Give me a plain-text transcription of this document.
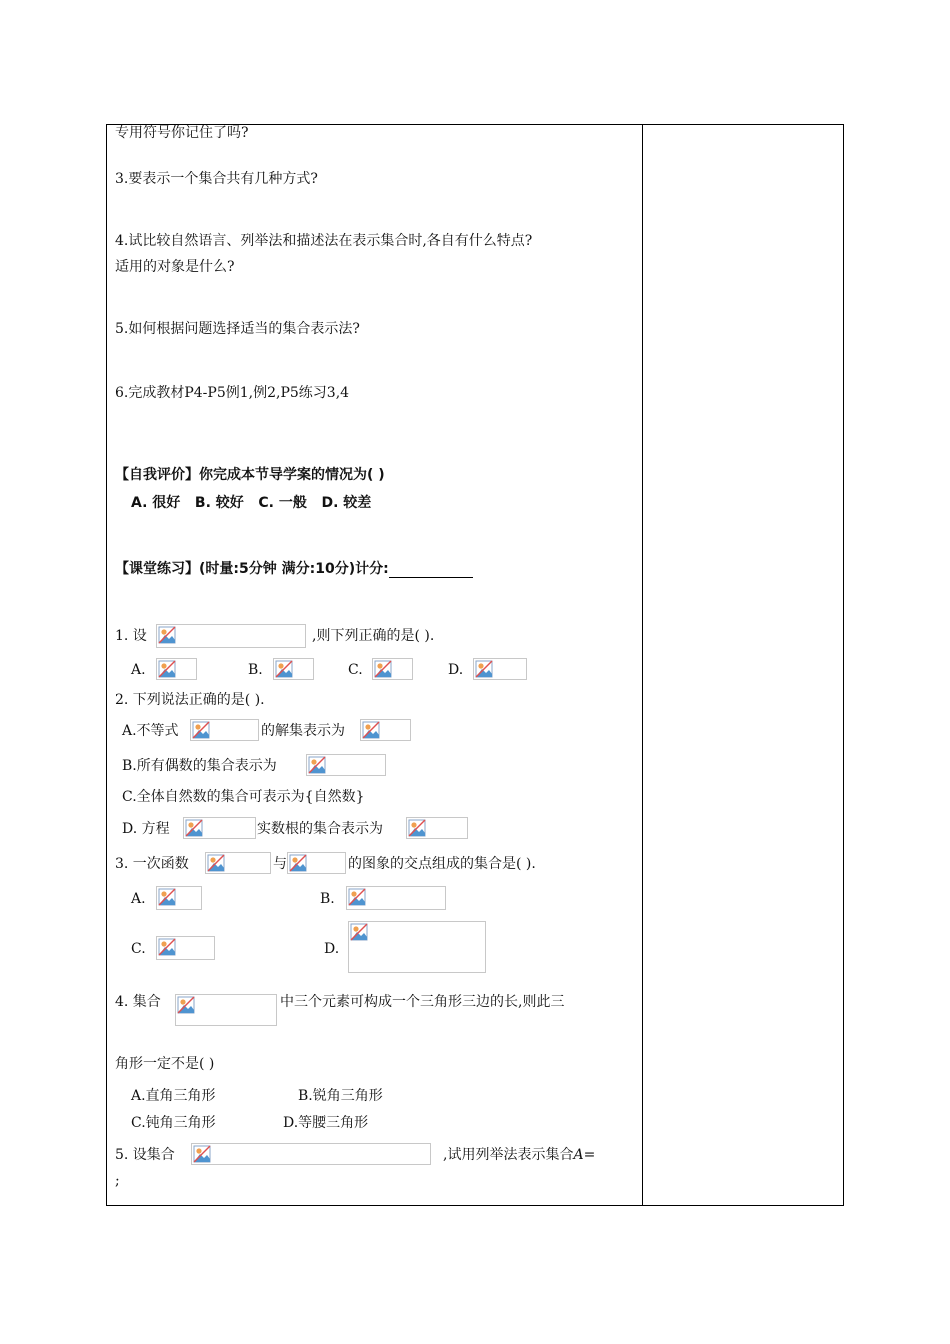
专用符号你记住了吗?
3.要表示一个集合共有几种方式?
4.试比较自然语言、列举法和描述法在表示集合时,各自有什么特点?
适用的对象是什么?
5.如何根据问题选择适当的集合表示法?
6.完成教材P4-P5例1,例2,P5练习3,4
【自我评价】你完成本节导学案的情况为( )
A. 很好   B. 较好   C. 一般   D. 较差
【课堂练习】(时量:5分钟 满分:10分)计分:
1. 设	,则下列正确的是( ).
A.	B.	C.	D.
2. 下列说法正确的是( ).
A.不等式	的解集表示为
B.所有偶数的集合表示为
C.全体自然数的集合可表示为{自然数}
D. 方程	实数根的集合表示为
3. 一次函数	与	的图象的交点组成的集合是( ).
A.	B.
C.	D.
4. 集合	中三个元素可构成一个三角形三边的长,则此三
角形一定不是( )
A.直角三角形	B.锐角三角形
C.钝角三角形	D.等腰三角形
5. 设集合	,试用列举法表示集合A=
;
